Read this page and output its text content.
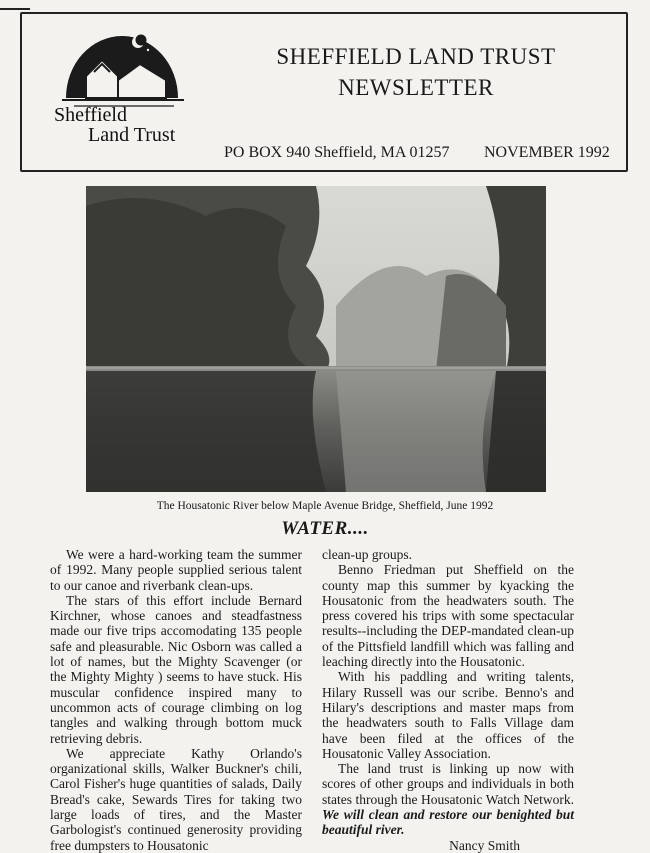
Sheffield
Land Trust
SHEFFIELD LAND TRUST
NEWSLETTER
PO BOX 940 Sheffield, MA 01257 NOVEMBER 1992
The Housatonic River below Maple Avenue Bridge, Sheffield, June 1992
WATER....

We were a hard-working team the summer of 1992. Many people supplied serious talent to our canoe and riverbank clean-ups.

The stars of this effort include Bernard Kirchner, whose canoes and steadfastness made our five trips accomodating 135 people safe and pleasurable. Nic Osborn was called a lot of names, but the Mighty Scavenger (or the Mighty Mighty ) seems to have stuck. His muscular confidence inspired many to uncommon acts of courage climbing on log tangles and walking through bottom muck retrieving debris.

We appreciate Kathy Orlando's organizational skills, Walker Buckner's chili, Carol Fisher's huge quantities of salads, Daily Bread's cake, Sewards Tires for taking two large loads of tires, and the Master Garbologist's continued generosity providing free dumpsters to Housatonic

clean-up groups.

Benno Friedman put Sheffield on the county map this summer by kyacking the Housatonic from the headwaters south. The press covered his trips with some spectacular results--including the DEP-mandated clean-up of the Pittsfield landfill which was falling and leaching directly into the Housatonic.

With his paddling and writing talents, Hilary Russell was our scribe. Benno's and Hilary's descriptions and master maps from the headwaters south to Falls Village dam have been filed at the offices of the Housatonic Valley Association.

The land trust is linking up now with scores of other groups and individuals in both states through the Housatonic Watch Network. We will clean and restore our benighted but beautiful river.

Nancy Smith
